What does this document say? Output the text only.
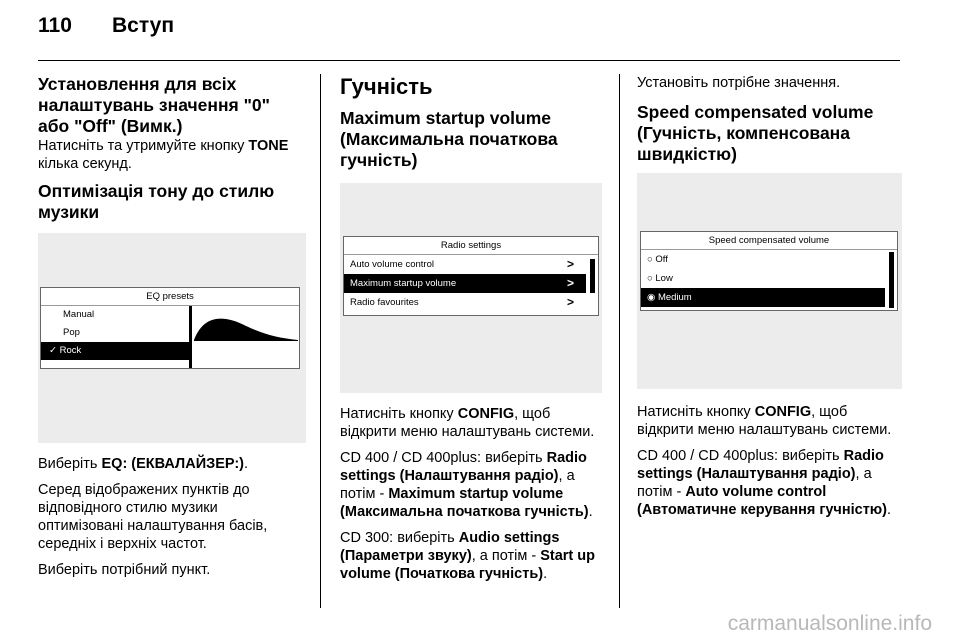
110 Вступ
Установлення для всіх налаштувань значення "0" або "Off" (Вимк.)

Натисніть та утримуйте кнопку TONE кілька секунд.

Оптимізація тону до стилю музики
EQ presets
Manual
Pop
✓ Rock

Виберіть EQ: (ЕКВАЛАЙЗЕР:).

Серед відображених пунктів до відповідного стилю музики оптимізовані налаштування басів, середніх і верхніх частот.

Виберіть потрібний пункт.

Гучність
Maximum startup volume (Максимальна початкова гучність)
Radio settings
Auto volume control	>
Maximum startup volume	>
Radio favourites	>

Натисніть кнопку CONFIG, щоб відкрити меню налаштувань системи.

CD 400 / CD 400plus: виберіть Radio settings (Налаштування радіо), а потім - Maximum startup volume (Максимальна початкова гучність).

CD 300: виберіть Audio settings (Параметри звуку), а потім - Start up volume (Початкова гучність).

Установіть потрібне значення.

Speed compensated volume (Гучність, компенсована швидкістю)
Speed compensated volume
○ Off
○ Low
◉ Medium

Натисніть кнопку CONFIG, щоб відкрити меню налаштувань системи.

CD 400 / CD 400plus: виберіть Radio settings (Налаштування радіо), а потім - Auto volume control (Автоматичне керування гучністю).

carmanualsonline.info
